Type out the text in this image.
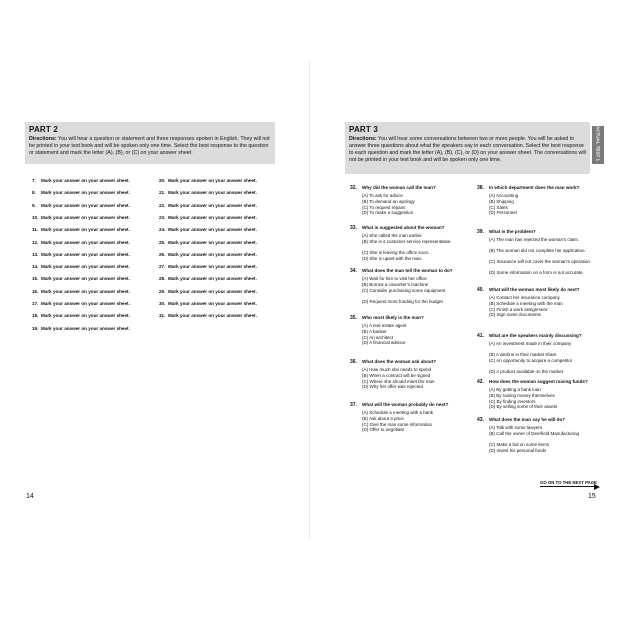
PART 2
Directions: You will hear a question or statement and three responses spoken in English. They will not be printed in your test book and will be spoken only one time. Select the best response to the question or statement and mark the letter (A), (B), or (C) on your answer sheet.
7. Mark your answer on your answer sheet.
8. Mark your answer on your answer sheet.
9. Mark your answer on your answer sheet.
10. Mark your answer on your answer sheet.
11. Mark your answer on your answer sheet.
12. Mark your answer on your answer sheet.
13. Mark your answer on your answer sheet.
14. Mark your answer on your answer sheet.
15. Mark your answer on your answer sheet.
16. Mark your answer on your answer sheet.
17. Mark your answer on your answer sheet.
18. Mark your answer on your answer sheet.
19. Mark your answer on your answer sheet.
20. Mark your answer on your answer sheet.
21. Mark your answer on your answer sheet.
22. Mark your answer on your answer sheet.
23. Mark your answer on your answer sheet.
24. Mark your answer on your answer sheet.
25. Mark your answer on your answer sheet.
26. Mark your answer on your answer sheet.
27. Mark your answer on your answer sheet.
28. Mark your answer on your answer sheet.
29. Mark your answer on your answer sheet.
30. Mark your answer on your answer sheet.
31. Mark your answer on your answer sheet.
14
PART 3
Directions: You will hear some conversations between two or more people. You will be asked to answer three questions about what the speakers say in each conversation. Select the best response to each question and mark the letter (A), (B), (C), or (D) on your answer sheet. The conversations will not be printed in your test book and will be spoken only one time.	ACTUAL TEST 1
32. Why did the woman call the man?
(A) To ask for advice
(B) To demand an apology
(C) To request repairs
(D) To make a suggestion
33. What is suggested about the woman?
(A) She called the man earlier.
(B) She is a customer service representative.
(C) She is leaving the office soon.
(D) She is upset with the man.
34. What does the man tell the woman to do?
(A) Wait for him to visit her office
(B) Borrow a coworker's machine
(C) Consider purchasing some equipment
(D) Request more funding for the budget
35. Who most likely is the man?
(A) A real estate agent
(B) A banker
(C) An architect
(D) A financial advisor
36. What does the woman ask about?
(A) How much she needs to spend
(B) When a contract will be signed
(C) Where she should meet the man
(D) Why her offer was rejected
37. What will the woman probably do next?
(A) Schedule a meeting with a bank
(B) Ask about a price
(C) Give the man some information
(D) Offer to negotiate
38. In which department does the man work?
(A) Accounting
(B) Shipping
(C) Sales
(D) Personnel
39. What is the problem?
(A) The man has rejected the woman's claim.
(B) The woman did not complete her application.
(C) Insurance will not cover the woman's operation.
(D) Some information on a form is not accurate.
40. What will the woman most likely do next?
(A) Contact her insurance company
(B) Schedule a meeting with the man
(C) Finish a work assignment
(D) Sign some documents
41. What are the speakers mainly discussing?
(A) An investment made in their company
(B) A decline in their market share
(C) An opportunity to acquire a competitor
(D) A product available on the market
42. How does the woman suggest raising funds?
(A) By getting a bank loan
(B) By raising money themselves
(C) By finding investors
(D) By selling some of their assets
43. What does the man say he will do?
(A) Talk with some lawyers
(B) Call the owner of Deerfield Manufacturing
(C) Make a bid on some items
(D) Invest his personal funds
GO ON TO THE NEXT PAGE
15
